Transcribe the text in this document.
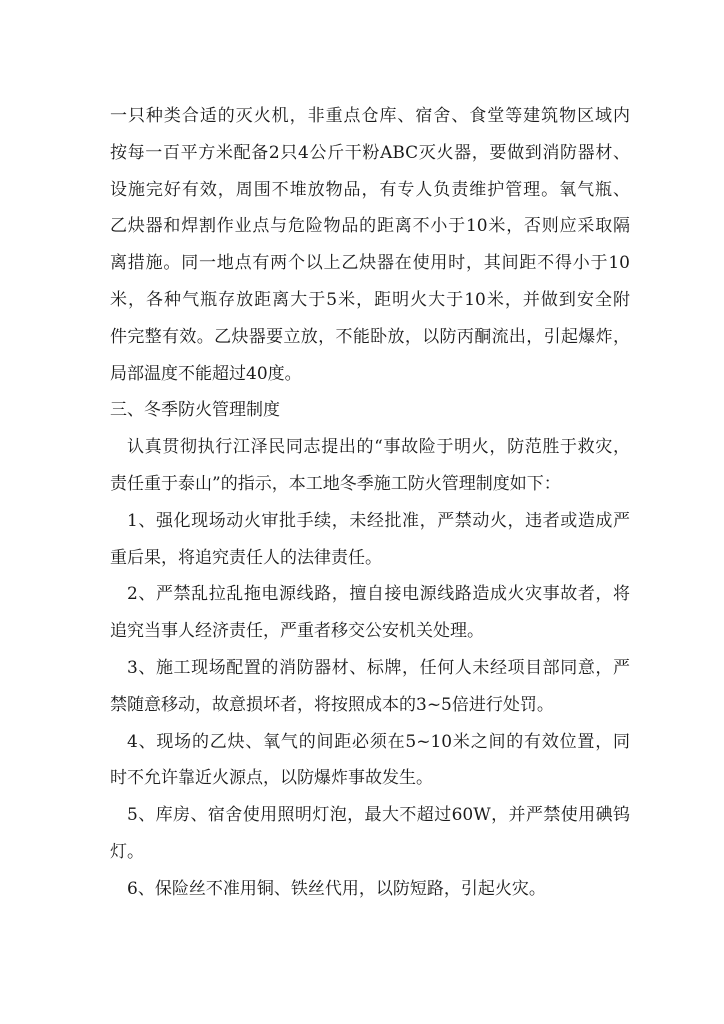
一只种类合适的灭火机，非重点仓库、宿舍、食堂等建筑物区域内
按每一百平方米配备2只4公斤干粉ABC灭火器，要做到消防器材、
设施完好有效，周围不堆放物品，有专人负责维护管理。氧气瓶、
乙炔器和焊割作业点与危险物品的距离不小于10米，否则应采取隔
离措施。同一地点有两个以上乙炔器在使用时，其间距不得小于10
米，各种气瓶存放距离大于5米，距明火大于10米，并做到安全附
件完整有效。乙炔器要立放，不能卧放，以防丙酮流出，引起爆炸，
局部温度不能超过40度。
三、冬季防火管理制度
认真贯彻执行江泽民同志提出的“事故险于明火，防范胜于救灾，
责任重于泰山”的指示，本工地冬季施工防火管理制度如下：
1、强化现场动火审批手续，未经批准，严禁动火，违者或造成严
重后果，将追究责任人的法律责任。
2、严禁乱拉乱拖电源线路，擅自接电源线路造成火灾事故者，将
追究当事人经济责任，严重者移交公安机关处理。
3、施工现场配置的消防器材、标牌，任何人未经项目部同意，严
禁随意移动，故意损坏者，将按照成本的3~5倍进行处罚。
4、现场的乙炔、氧气的间距必须在5~10米之间的有效位置，同
时不允许靠近火源点，以防爆炸事故发生。
5、库房、宿舍使用照明灯泡，最大不超过60W，并严禁使用碘钨
灯。
6、保险丝不准用铜、铁丝代用，以防短路，引起火灾。
